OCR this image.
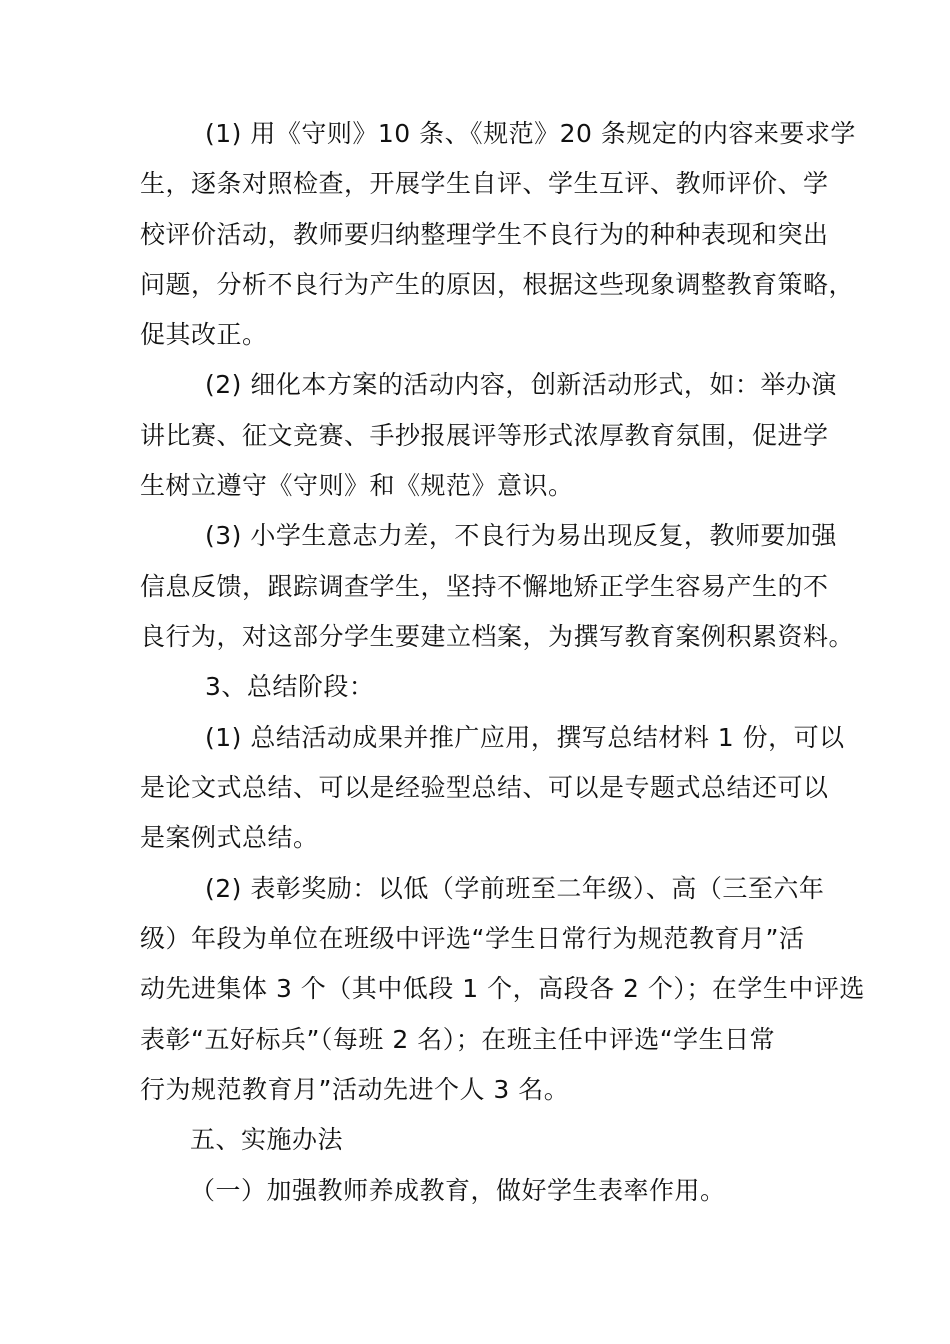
(1) 用《守则》10 条、《规范》20 条规定的内容来要求学
生，逐条对照检查，开展学生自评、学生互评、教师评价、学
校评价活动，教师要归纳整理学生不良行为的种种表现和突出
问题，分析不良行为产生的原因，根据这些现象调整教育策略，
促其改正。
(2) 细化本方案的活动内容，创新活动形式，如：举办演
讲比赛、征文竞赛、手抄报展评等形式浓厚教育氛围，促进学
生树立遵守《守则》和《规范》意识。
(3) 小学生意志力差，不良行为易出现反复，教师要加强
信息反馈，跟踪调查学生，坚持不懈地矫正学生容易产生的不
良行为，对这部分学生要建立档案，为撰写教育案例积累资料。
3、总结阶段：
(1) 总结活动成果并推广应用，撰写总结材料 1 份，可以
是论文式总结、可以是经验型总结、可以是专题式总结还可以
是案例式总结。
(2) 表彰奖励：以低（学前班至二年级）、高（三至六年
级）年段为单位在班级中评选“学生日常行为规范教育月”活
动先进集体 3 个（其中低段 1 个，高段各 2 个）；在学生中评选
表彰“五好标兵”（每班 2 名）；在班主任中评选“学生日常
行为规范教育月”活动先进个人 3 名。
五、实施办法
（一）加强教师养成教育，做好学生表率作用。
